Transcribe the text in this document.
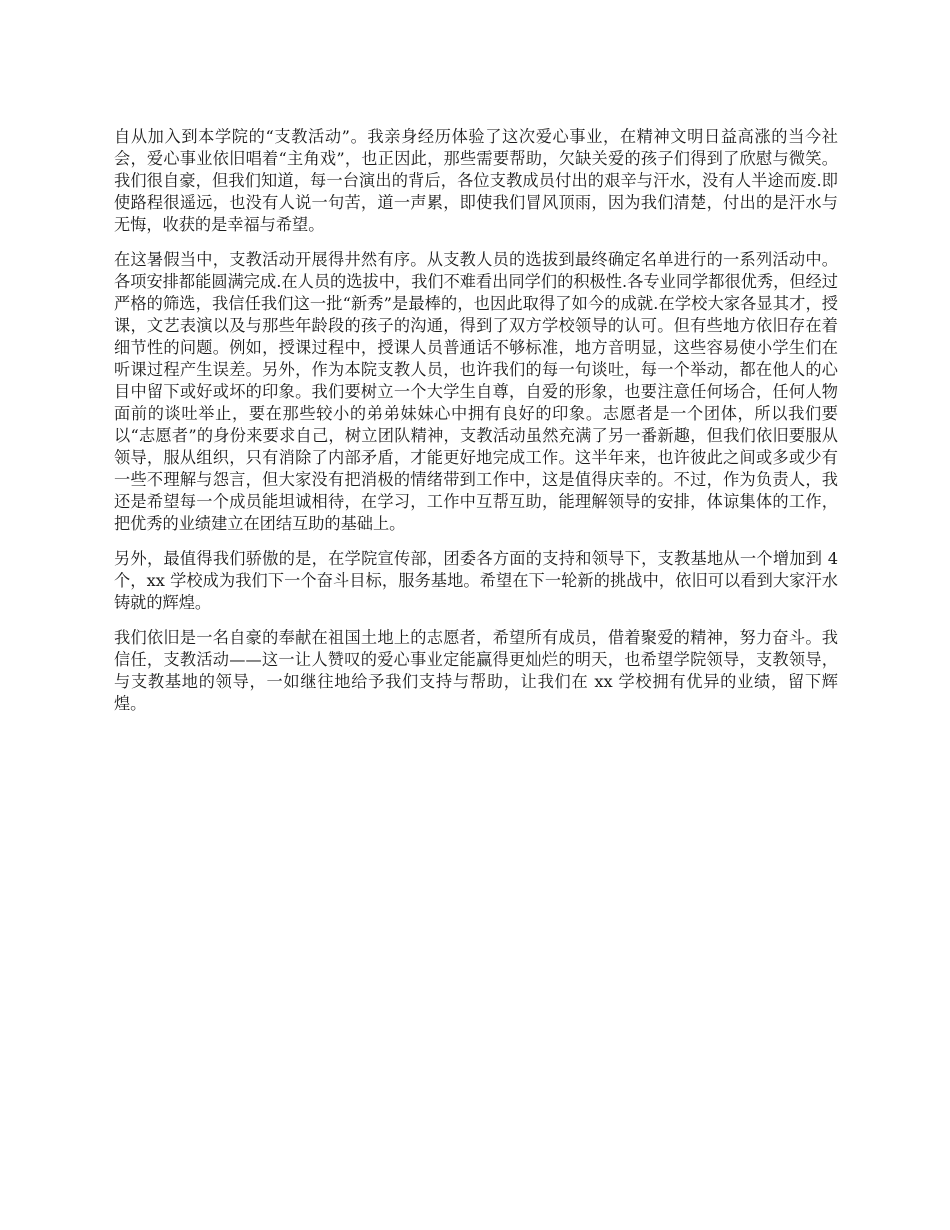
自从加入到本学院的“支教活动”。我亲身经历体验了这次爱心事业，在精神文明日益高涨的当今社会，爱心事业依旧唱着“主角戏”，也正因此，那些需要帮助，欠缺关爱的孩子们得到了欣慰与微笑。我们很自豪，但我们知道，每一台演出的背后，各位支教成员付出的艰辛与汗水，没有人半途而废.即使路程很遥远，也没有人说一句苦，道一声累，即使我们冒风顶雨，因为我们清楚，付出的是汗水与无悔，收获的是幸福与希望。

在这暑假当中，支教活动开展得井然有序。从支教人员的选拔到最终确定名单进行的一系列活动中。各项安排都能圆满完成.在人员的选拔中，我们不难看出同学们的积极性.各专业同学都很优秀，但经过严格的筛选，我信任我们这一批“新秀”是最棒的，也因此取得了如今的成就.在学校大家各显其才，授课，文艺表演以及与那些年龄段的孩子的沟通，得到了双方学校领导的认可。但有些地方依旧存在着细节性的问题。例如，授课过程中，授课人员普通话不够标准，地方音明显，这些容易使小学生们在听课过程产生误差。另外，作为本院支教人员，也许我们的每一句谈吐，每一个举动，都在他人的心目中留下或好或坏的印象。我们要树立一个大学生自尊，自爱的形象，也要注意任何场合，任何人物面前的谈吐举止，要在那些较小的弟弟妹妹心中拥有良好的印象。志愿者是一个团体，所以我们要以“志愿者”的身份来要求自己，树立团队精神，支教活动虽然充满了另一番新趣，但我们依旧要服从领导，服从组织，只有消除了内部矛盾，才能更好地完成工作。这半年来，也许彼此之间或多或少有一些不理解与怨言，但大家没有把消极的情绪带到工作中，这是值得庆幸的。不过，作为负责人，我还是希望每一个成员能坦诚相待，在学习，工作中互帮互助，能理解领导的安排，体谅集体的工作，把优秀的业绩建立在团结互助的基础上。

另外，最值得我们骄傲的是，在学院宣传部，团委各方面的支持和领导下，支教基地从一个增加到 4 个，xx 学校成为我们下一个奋斗目标，服务基地。希望在下一轮新的挑战中，依旧可以看到大家汗水铸就的辉煌。

我们依旧是一名自豪的奉献在祖国土地上的志愿者，希望所有成员，借着聚爱的精神，努力奋斗。我信任，支教活动——这一让人赞叹的爱心事业定能赢得更灿烂的明天，也希望学院领导，支教领导，与支教基地的领导，一如继往地给予我们支持与帮助，让我们在 xx 学校拥有优异的业绩，留下辉煌。
